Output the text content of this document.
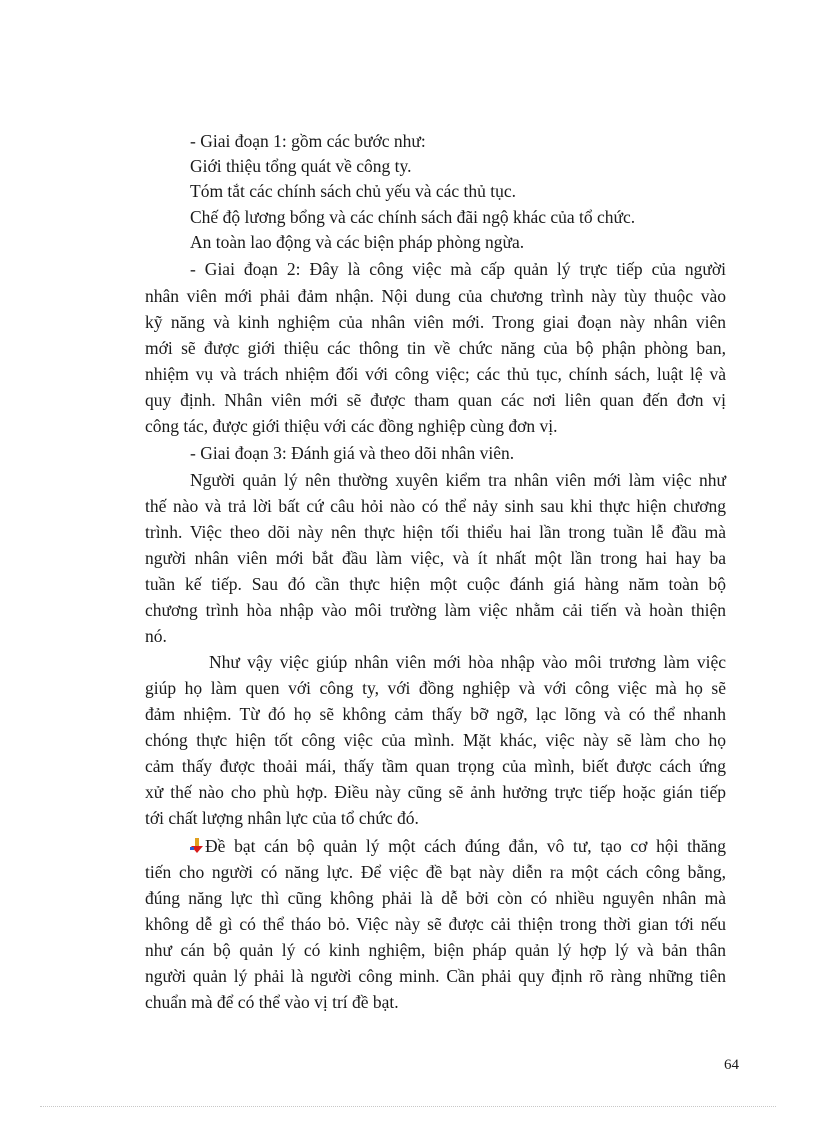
- Giai đoạn 1: gồm các bước như:
Giới thiệu tổng quát về công ty.
Tóm tắt các chính sách chủ yếu và các thủ tục.
Chế độ lương bổng và các chính sách đãi ngộ khác của tổ chức.
An toàn lao động và các biện pháp phòng ngừa.
- Giai đoạn 2: Đây là công việc mà cấp quản lý trực tiếp của người
nhân viên mới phải đảm nhận. Nội dung của chương trình này tùy thuộc vào
kỹ năng và kinh nghiệm của nhân viên mới. Trong giai đoạn này nhân viên
mới sẽ được giới thiệu các thông tin về chức năng của bộ phận phòng ban,
nhiệm vụ và trách nhiệm đối với công việc; các thủ tục, chính sách, luật lệ và
quy định. Nhân viên mới sẽ được tham quan các nơi liên quan đến đơn vị
công tác, được giới thiệu với các đồng nghiệp cùng đơn vị.
- Giai đoạn 3: Đánh giá và theo dõi nhân viên.
Người quản lý nên thường xuyên kiểm tra nhân viên mới làm việc như
thế nào và trả lời bất cứ câu hỏi nào có thể nảy sinh sau khi thực hiện chương
trình. Việc theo dõi này nên thực hiện tối thiểu hai lần trong tuần lễ đầu mà
người nhân viên mới bắt đầu làm việc, và ít nhất một lần trong hai hay ba
tuần kế tiếp. Sau đó cần thực hiện một cuộc đánh giá hàng năm toàn bộ
chương trình hòa nhập vào môi trường làm việc nhằm cải tiến và hoàn thiện
nó.
Như vậy việc giúp nhân viên mới hòa nhập vào môi trương làm việc
giúp họ làm quen với công ty, với đồng nghiệp và với công việc mà họ sẽ
đảm nhiệm. Từ đó họ sẽ không cảm thấy bỡ ngỡ, lạc lõng và có thể nhanh
chóng thực hiện tốt công việc của mình. Mặt khác, việc này sẽ làm cho họ
cảm thấy được thoải mái, thấy tầm quan trọng của mình, biết được cách ứng
xử thế nào cho phù hợp. Điều này cũng sẽ ảnh hưởng trực tiếp hoặc gián tiếp
tới chất lượng nhân lực của tổ chức đó.
Đề bạt cán bộ quản lý một cách đúng đắn, vô tư, tạo cơ hội thăng
tiến cho người có năng lực. Để việc đề bạt này diễn ra một cách công bằng,
đúng năng lực thì cũng không phải là dễ bởi còn có nhiều nguyên nhân mà
không dễ gì có thể tháo bỏ. Việc này sẽ được cải thiện trong thời gian tới nếu
như cán bộ quản lý có kinh nghiệm, biện pháp quản lý hợp lý và bản thân
người quản lý phải là người công minh. Cần phải quy định rõ ràng những tiên
chuẩn mà để có thể vào vị trí đề bạt.
64
